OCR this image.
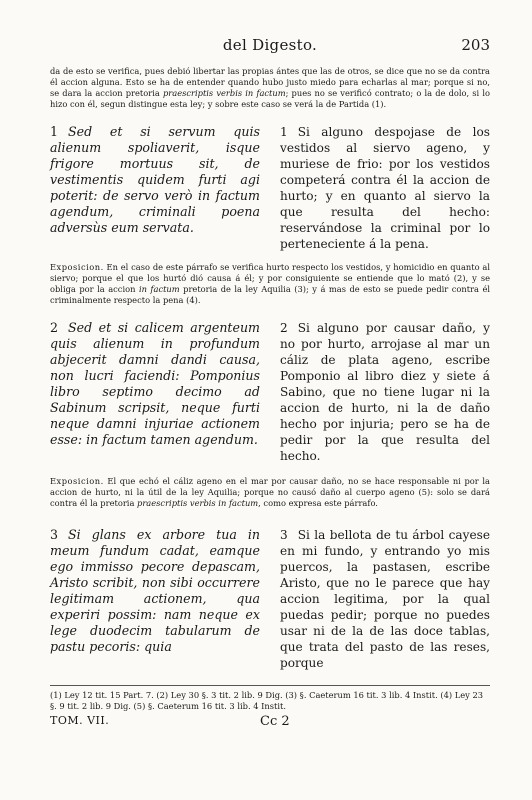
del Digesto.	203

da de esto se verifica, pues debió libertar las propias ántes que las de otros, se dice que no se da contra él accion alguna. Esto se ha de entender quando hubo justo miedo para echarlas al mar; porque si no, se dara la accion pretoria praescriptis verbis in factum; pues no se verificó contrato; o la de dolo, si lo hizo con él, segun distingue esta ley; y sobre este caso se verá la de Partida (1).

1 Sed et si servum quis alienum spoliaverit, isque frigore mortuus sit, de vestimentis quidem furti agi poterit: de servo verò in factum agendum, criminali poena adversùs eum servata.
1 Si alguno despojase de los vestidos al siervo ageno, y muriese de frio: por los vestidos competerá contra él la accion de hurto; y en quanto al siervo la que resulta del hecho: reservándose la criminal por lo perteneciente á la pena.

Exposicion. En el caso de este párrafo se verifica hurto respecto los vestidos, y homicidio en quanto al siervo; porque el que los hurtó dió causa á él; y por consiguiente se entiende que lo mató (2), y se obliga por la accion in factum pretoria de la ley Aquilia (3); y á mas de esto se puede pedir contra él criminalmente respecto la pena (4).

2 Sed et si calicem argenteum quis alienum in profundum abjecerit damni dandi causa, non lucri faciendi: Pomponius libro septimo decimo ad Sabinum scripsit, neque furti neque damni injuriae actionem esse: in factum tamen agendum.
2 Si alguno por causar daño, y no por hurto, arrojase al mar un cáliz de plata ageno, escribe Pomponio al libro diez y siete á Sabino, que no tiene lugar ni la accion de hurto, ni la de daño hecho por injuria; pero se ha de pedir por la que resulta del hecho.

Exposicion. El que echó el cáliz ageno en el mar por causar daño, no se hace responsable ni por la accion de hurto, ni la útil de la ley Aquilia; porque no causó daño al cuerpo ageno (5): solo se dará contra él la pretoria praescriptis verbis in factum, como expresa este párrafo.

3 Si glans ex arbore tua in meum fundum cadat, eamque ego immisso pecore depascam, Aristo scribit, non sibi occurrere legitimam actionem, qua experiri possim: nam neque ex lege duodecim tabularum de pastu pecoris: quia
3 Si la bellota de tu árbol cayese en mi fundo, y entrando yo mis puercos, la pastasen, escribe Aristo, que no le parece que hay accion legitima, por la qual puedas pedir; porque no puedes usar ni de la de las doce tablas, que trata del pasto de las reses, porque
(1) Ley 12 tit. 15 Part. 7. (2) Ley 30 §. 3 tit. 2 lib. 9 Dig. (3) §. Caeterum 16 tit. 3 lib. 4 Instit. (4) Ley 23 §. 9 tit. 2 lib. 9 Dig. (5) §. Caeterum 16 tit. 3 lib. 4 Instit.
TOM. VII.	Cc 2
